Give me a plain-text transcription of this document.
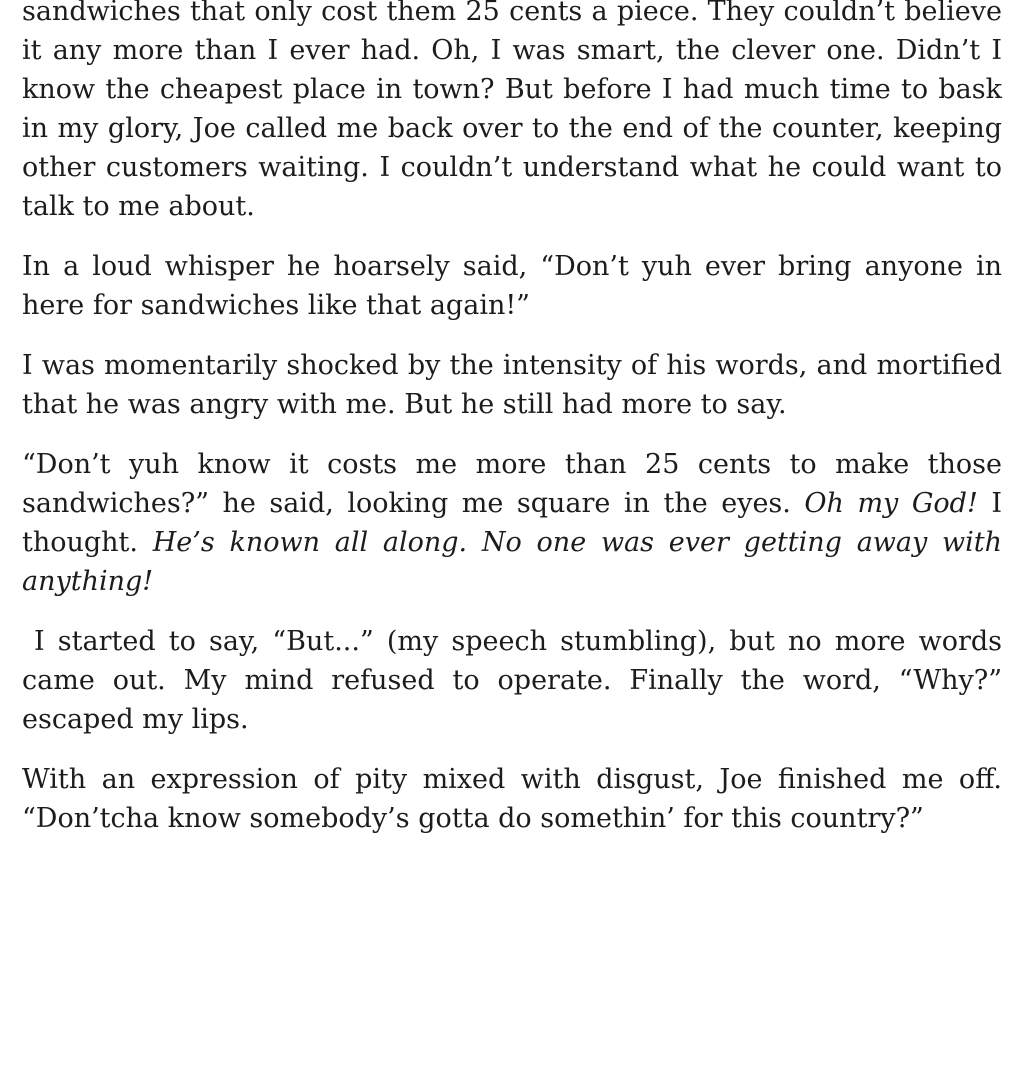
sandwiches that only cost them 25 cents a piece. They couldn’t believe it any more than I ever had. Oh, I was smart, the clever one. Didn’t I know the cheapest place in town? But before I had much time to bask in my glory, Joe called me back over to the end of the counter, keeping other customers waiting. I couldn’t understand what he could want to talk to me about.

In a loud whisper he hoarsely said, “Don’t yuh ever bring anyone in here for sandwiches like that again!”

I was momentarily shocked by the intensity of his words, and mortified that he was angry with me. But he still had more to say.

“Don’t yuh know it costs me more than 25 cents to make those sandwiches?” he said, looking me square in the eyes. Oh my God! I thought. He’s known all along. No one was ever getting away with anything!

I started to say, “But...” (my speech stumbling), but no more words came out. My mind refused to operate. Finally the word, “Why?” escaped my lips.

With an expression of pity mixed with disgust, Joe finished me off. “Don’tcha know somebody’s gotta do somethin’ for this country?”
